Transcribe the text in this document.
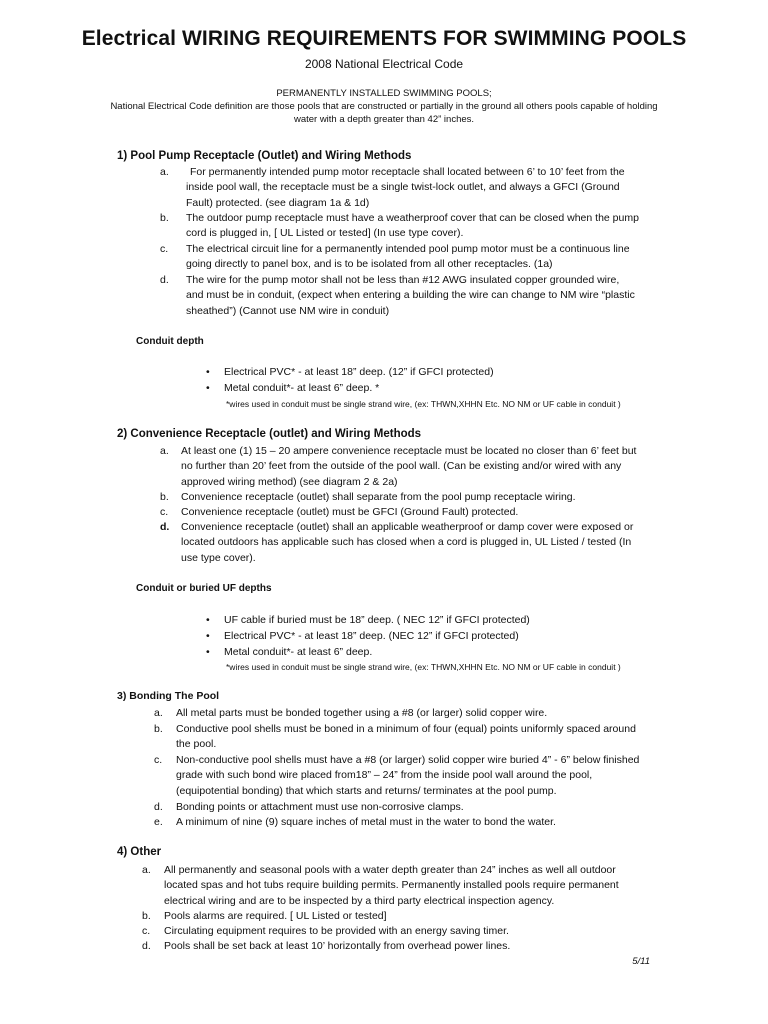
Electrical WIRING REQUIREMENTS FOR SWIMMING POOLS
2008 National Electrical Code
PERMANENTLY INSTALLED SWIMMING POOLS;
National Electrical Code definition are those pools that are constructed or partially in the ground all others pools capable of holding
water with a depth greater than 42” inches.
1) Pool Pump Receptacle (Outlet) and Wiring Methods
a.	For permanently intended pump motor receptacle shall located between 6’ to 10’ feet from the
inside pool wall, the receptacle must be a single twist-lock outlet, and always a GFCI (Ground
Fault) protected. (see diagram 1a & 1d)
b. The outdoor pump receptacle must have a weatherproof cover that can be closed when the pump
cord is plugged in, [ UL Listed or tested] (In use type cover).
c. The electrical circuit line for a permanently intended pool pump motor must be a continuous line
going directly to panel box, and is to be isolated from all other receptacles. (1a)
d. The wire for the pump motor shall not be less than #12 AWG insulated copper grounded wire,
and must be in conduit, (expect when entering a building the wire can change to NM wire “plastic
sheathed”) (Cannot use NM wire in conduit)
Conduit depth
• Electrical PVC* - at least 18” deep. (12” if GFCI protected)
• Metal conduit*- at least 6” deep. *
*wires used in conduit must be single strand wire, (ex: THWN,XHHN Etc. NO NM or UF cable in conduit )
2) Convenience Receptacle (outlet) and Wiring Methods
a. At least one (1) 15 – 20 ampere convenience receptacle must be located no closer than 6’ feet but
no further than 20’ feet from the outside of the pool wall. (Can be existing and/or wired with any
approved wiring method) (see diagram 2 & 2a)
b. Convenience receptacle (outlet) shall separate from the pool pump receptacle wiring.
c. Convenience receptacle (outlet) must be GFCI (Ground Fault) protected.
d. Convenience receptacle (outlet) shall an applicable weatherproof or damp cover were exposed or
located outdoors has applicable such has closed when a cord is plugged in, UL Listed / tested (In
use type cover).
Conduit or buried UF depths
• UF cable if buried must be 18” deep. ( NEC 12” if GFCI protected)
• Electrical PVC* - at least 18” deep. (NEC 12” if GFCI protected)
• Metal conduit*- at least 6” deep.
*wires used in conduit must be single strand wire, (ex: THWN,XHHN Etc. NO NM or UF cable in conduit )
3) Bonding The Pool
a. All metal parts must be bonded together using a #8 (or larger) solid copper wire.
b. Conductive pool shells must be boned in a minimum of four (equal) points uniformly spaced around
the pool.
c. Non-conductive pool shells must have a #8 (or larger) solid copper wire buried 4” - 6” below finished
grade with such bond wire placed from18” – 24” from the inside pool wall around the pool,
(equipotential bonding) that which starts and returns/ terminates at the pool pump.
d. Bonding points or attachment must use non-corrosive clamps.
e. A minimum of nine (9) square inches of metal must in the water to bond the water.
4) Other
a. All permanently and seasonal pools with a water depth greater than 24” inches as well all outdoor
located spas and hot tubs require building permits. Permanently installed pools require permanent
electrical wiring and are to be inspected by a third party electrical inspection agency.
b. Pools alarms are required. [ UL Listed or tested]
c. Circulating equipment requires to be provided with an energy saving timer.
d. Pools shall be set back at least 10’ horizontally from overhead power lines.
5/11
